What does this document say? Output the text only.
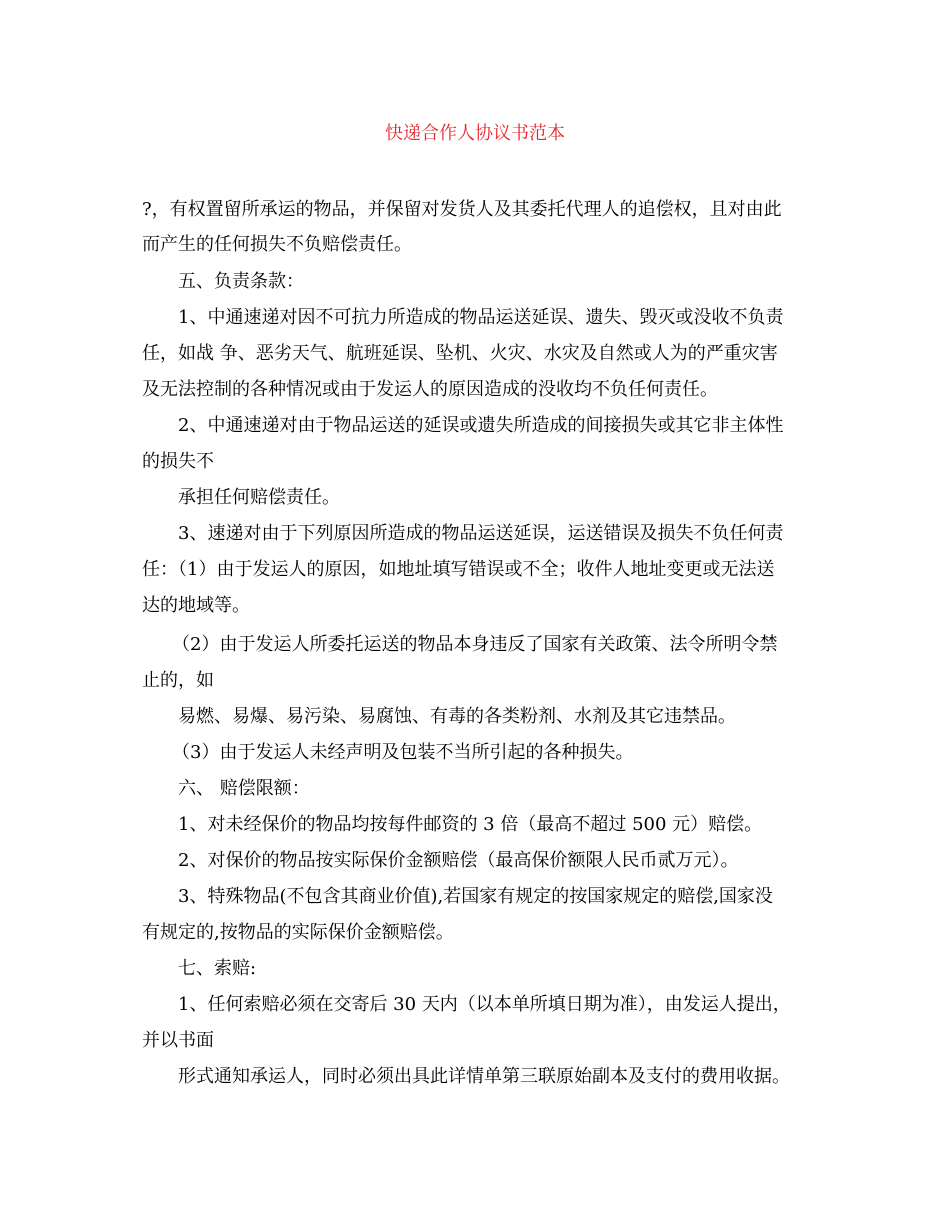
快递合作人协议书范本
?，有权置留所承运的物品，并保留对发货人及其委托代理人的追偿权，且对由此
而产生的任何损失不负赔偿责任。
五、负责条款：
1、中通速递对因不可抗力所造成的物品运送延误、遗失、毁灭或没收不负责
任，如战 争、恶劣天气、航班延误、坠机、火灾、水灾及自然或人为的严重灾害
及无法控制的各种情况或由于发运人的原因造成的没收均不负任何责任。
2、中通速递对由于物品运送的延误或遗失所造成的间接损失或其它非主体性
的损失不
承担任何赔偿责任。
3、速递对由于下列原因所造成的物品运送延误，运送错误及损失不负任何责
任：（1）由于发运人的原因，如地址填写错误或不全；收件人地址变更或无法送
达的地域等。
（2）由于发运人所委托运送的物品本身违反了国家有关政策、法令所明令禁
止的，如
易燃、易爆、易污染、易腐蚀、有毒的各类粉剂、水剂及其它违禁品。
（3）由于发运人未经声明及包装不当所引起的各种损失。
六、 赔偿限额：
1、对未经保价的物品均按每件邮资的 3 倍（最高不超过 500 元）赔偿。
2、对保价的物品按实际保价金额赔偿（最高保价额限人民币贰万元）。
3、特殊物品(不包含其商业价值),若国家有规定的按国家规定的赔偿,国家没
有规定的,按物品的实际保价金额赔偿。
七、索赔:
1、任何索赔必须在交寄后 30 天内（以本单所填日期为准），由发运人提出，
并以书面
形式通知承运人，同时必须出具此详情单第三联原始副本及支付的费用收据。
